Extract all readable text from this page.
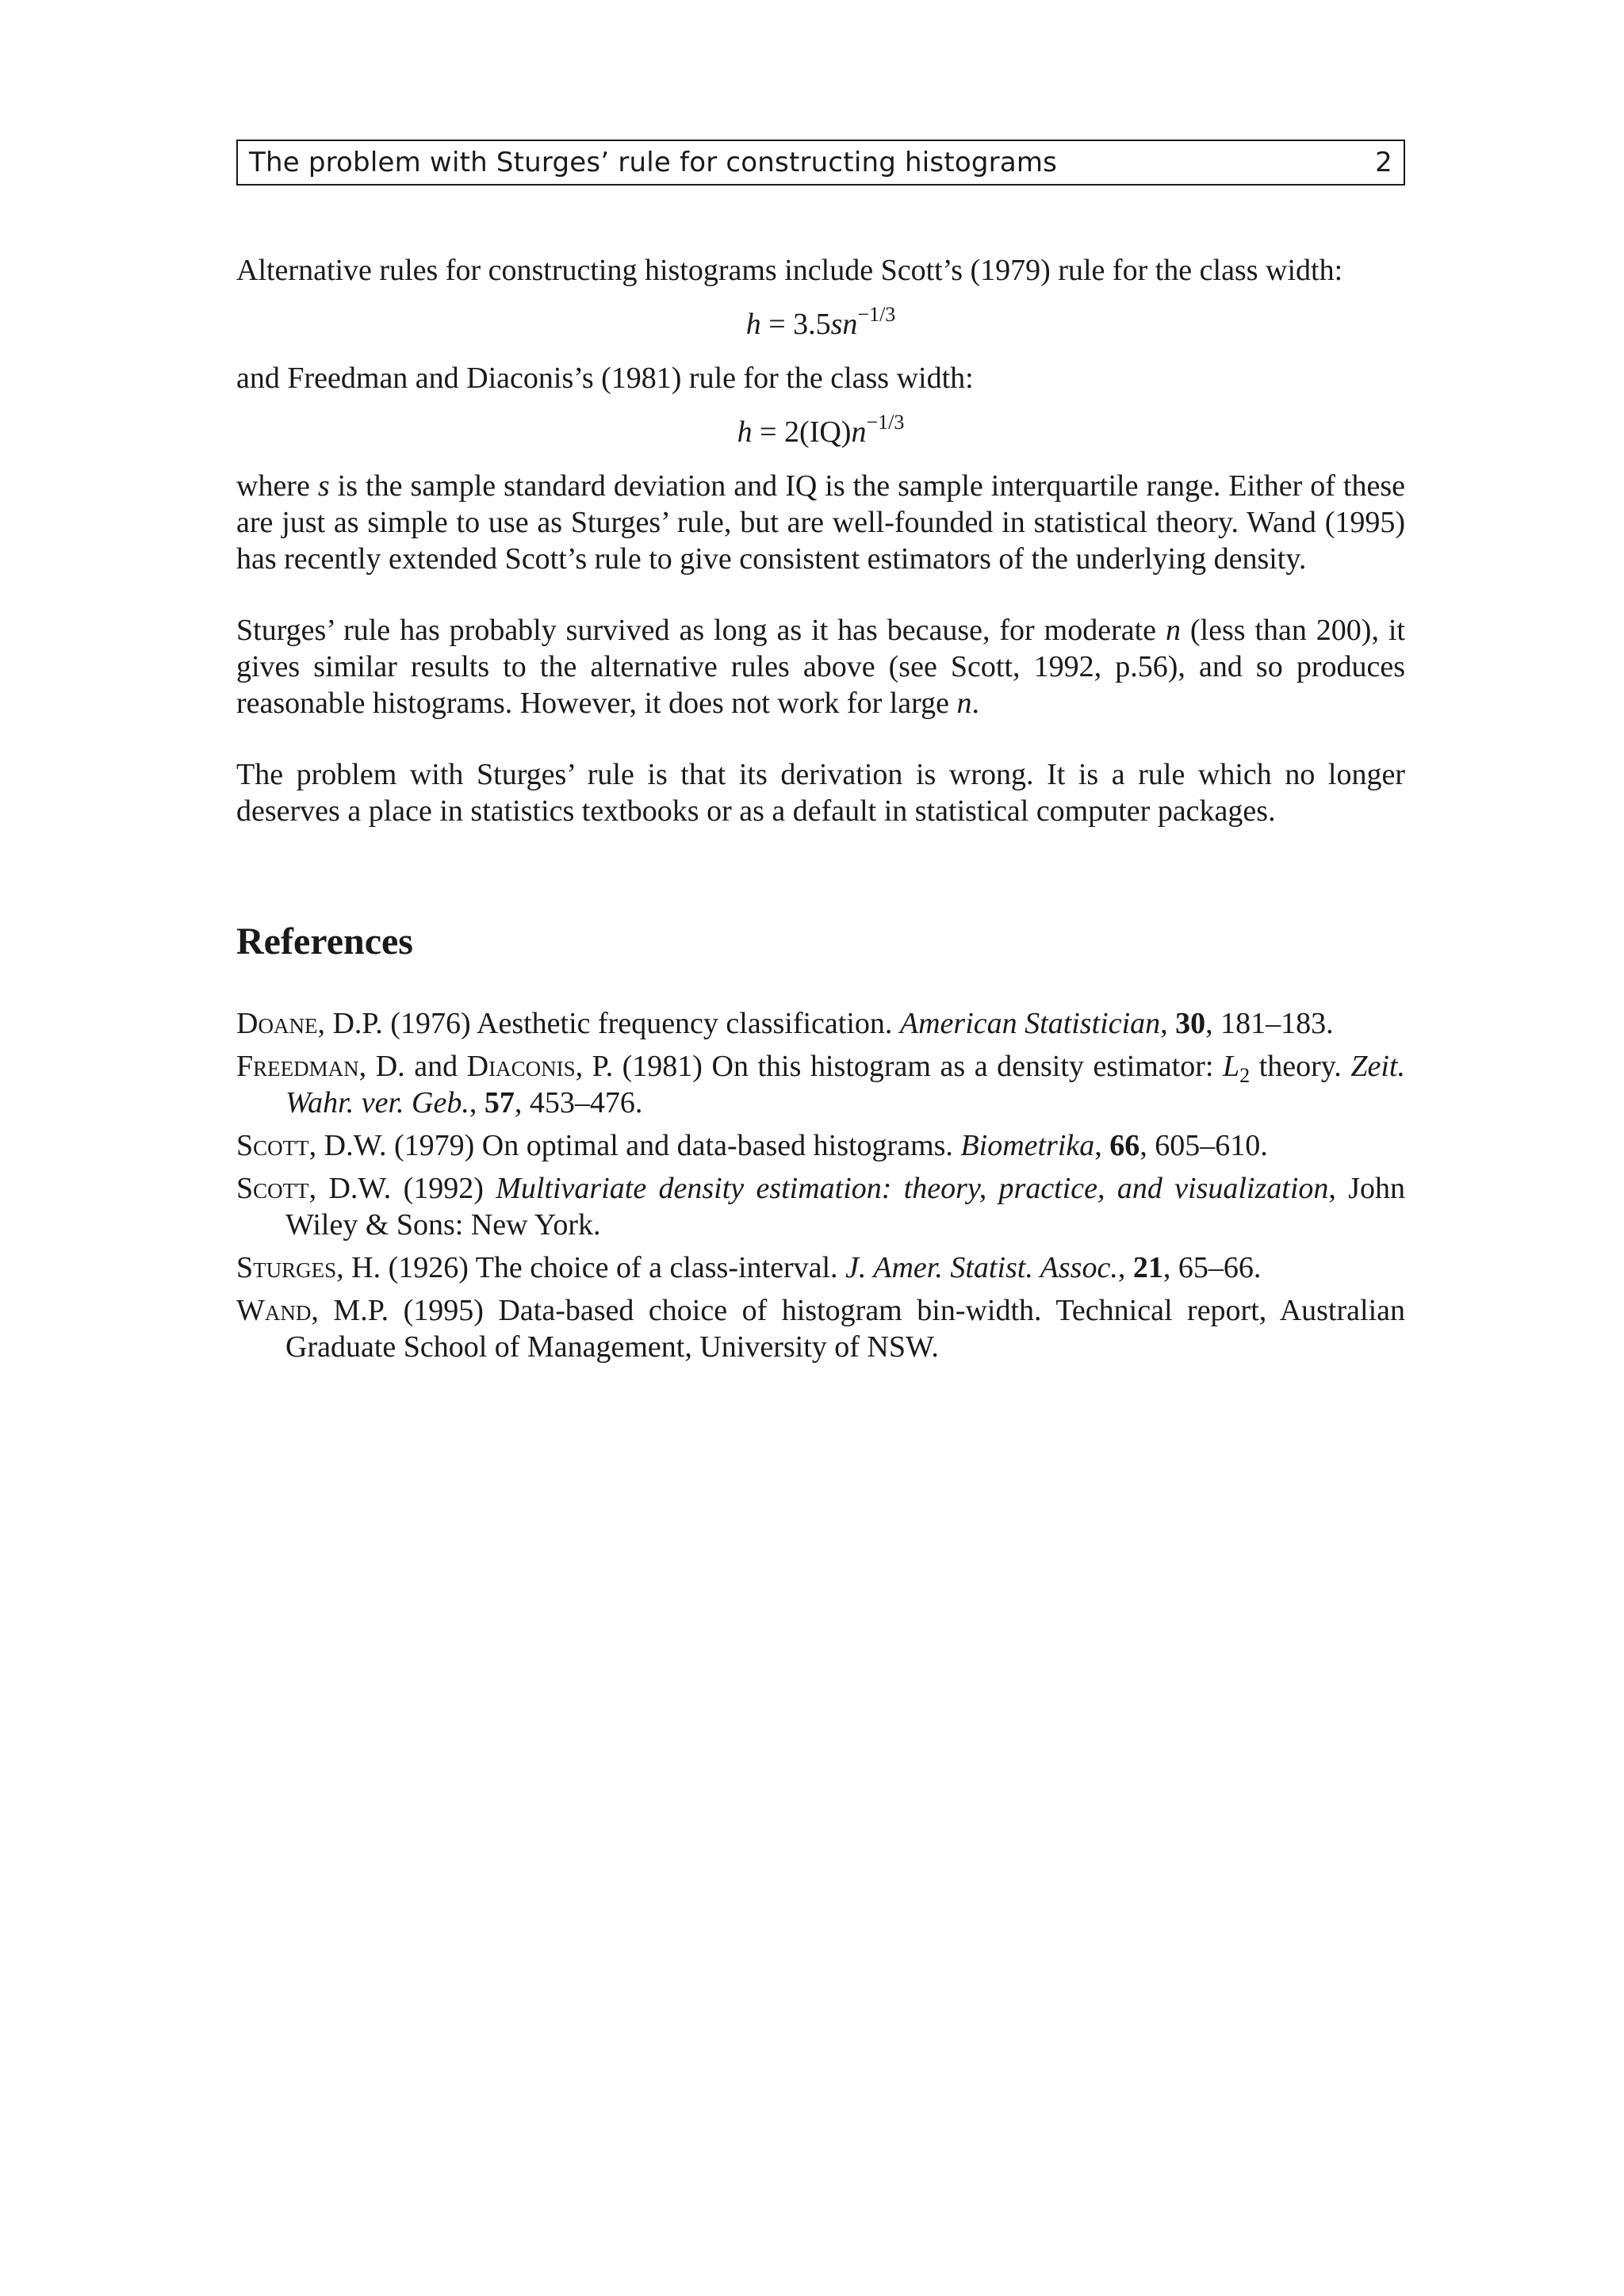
The problem with Sturges’ rule for constructing histograms	2

Alternative rules for constructing histograms include Scott’s (1979) rule for the class width:

$h = 3.5sn^{-1/3}$

and Freedman and Diaconis’s (1981) rule for the class width:

$h = 2(IQ)n^{-1/3}$

where s is the sample standard deviation and IQ is the sample interquartile range. Either of these are just as simple to use as Sturges’ rule, but are well-founded in statistical theory. Wand (1995) has recently extended Scott’s rule to give consistent estimators of the underlying density.

Sturges’ rule has probably survived as long as it has because, for moderate n (less than 200), it gives similar results to the alternative rules above (see Scott, 1992, p.56), and so produces reasonable histograms. However, it does not work for large n.

The problem with Sturges’ rule is that its derivation is wrong. It is a rule which no longer deserves a place in statistics textbooks or as a default in statistical computer packages.

References
Doane, D.P. (1976) Aesthetic frequency classification. American Statistician, 30, 181–183.
Freedman, D. and Diaconis, P. (1981) On this histogram as a density estimator: $L_2$ theory. Zeit. Wahr. ver. Geb., 57, 453–476.
Scott, D.W. (1979) On optimal and data-based histograms. Biometrika, 66, 605–610.
Scott, D.W. (1992) Multivariate density estimation: theory, practice, and visualization, John Wiley & Sons: New York.
Sturges, H. (1926) The choice of a class-interval. J. Amer. Statist. Assoc., 21, 65–66.
Wand, M.P. (1995) Data-based choice of histogram bin-width. Technical report, Australian Graduate School of Management, University of NSW.
